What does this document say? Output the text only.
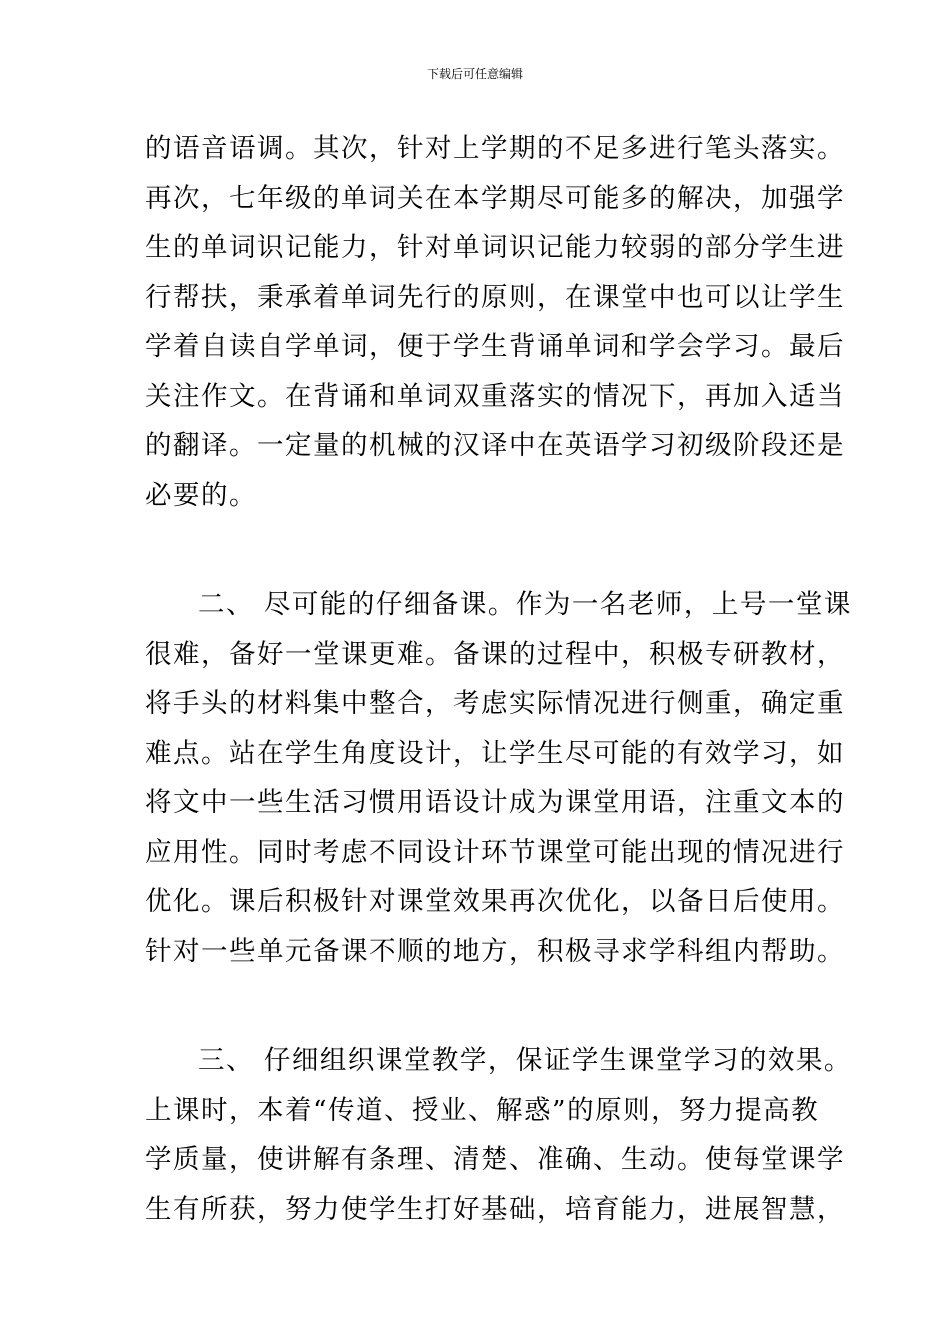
下载后可任意编辑
的语音语调。其次，针对上学期的不足多进行笔头落实。
再次，七年级的单词关在本学期尽可能多的解决，加强学
生的单词识记能力，针对单词识记能力较弱的部分学生进
行帮扶，秉承着单词先行的原则，在课堂中也可以让学生
学着自读自学单词，便于学生背诵单词和学会学习。最后
关注作文。在背诵和单词双重落实的情况下，再加入适当
的翻译。一定量的机械的汉译中在英语学习初级阶段还是
必要的。
二、 尽可能的仔细备课。作为一名老师，上号一堂课
很难，备好一堂课更难。备课的过程中，积极专研教材，
将手头的材料集中整合，考虑实际情况进行侧重，确定重
难点。站在学生角度设计，让学生尽可能的有效学习，如
将文中一些生活习惯用语设计成为课堂用语，注重文本的
应用性。同时考虑不同设计环节课堂可能出现的情况进行
优化。课后积极针对课堂效果再次优化，以备日后使用。
针对一些单元备课不顺的地方，积极寻求学科组内帮助。
三、 仔细组织课堂教学，保证学生课堂学习的效果。
上课时，本着“传道、授业、解惑”的原则，努力提高教
学质量，使讲解有条理、清楚、准确、生动。使每堂课学
生有所获，努力使学生打好基础，培育能力，进展智慧，
